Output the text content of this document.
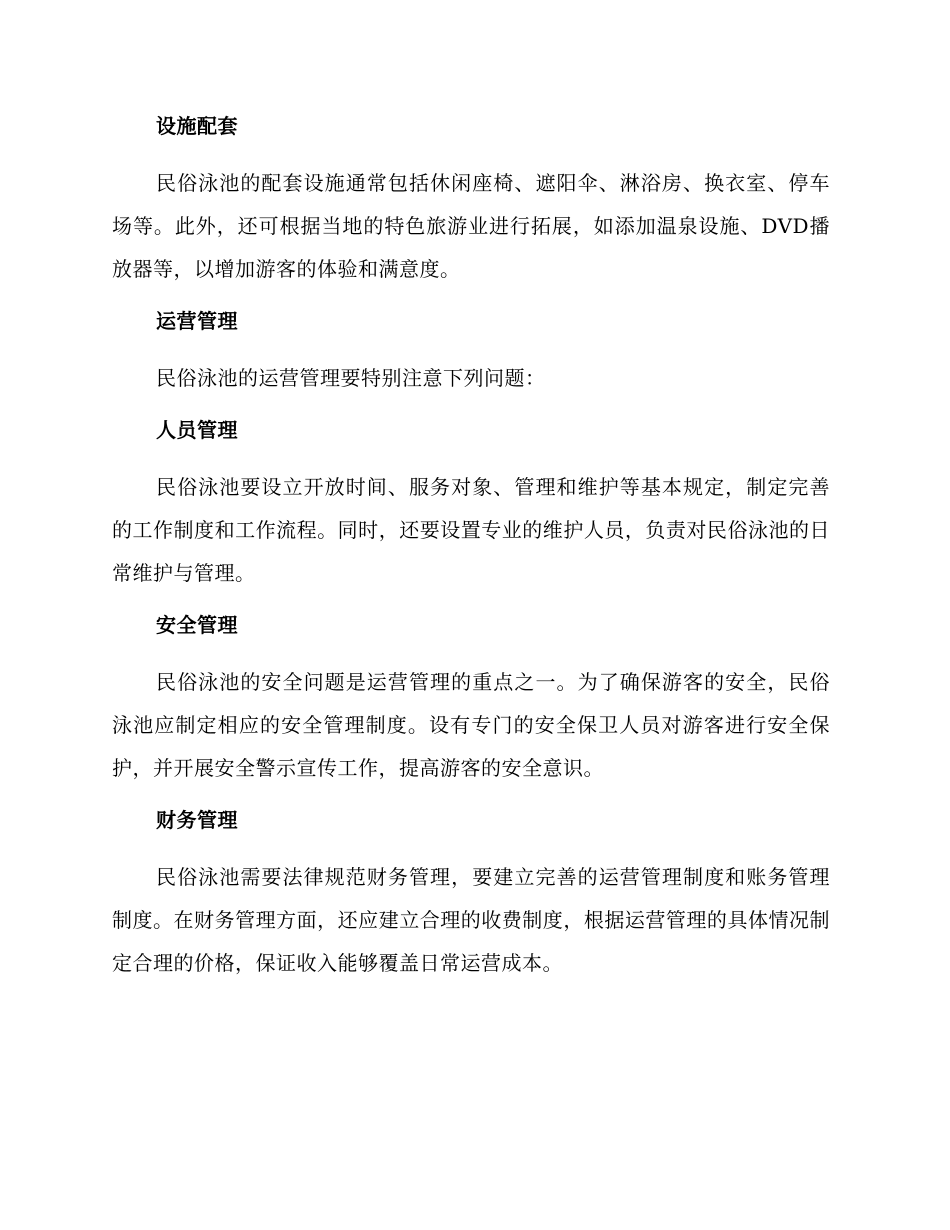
设施配套

民俗泳池的配套设施通常包括休闲座椅、遮阳伞、淋浴房、换衣室、停车场等。此外，还可根据当地的特色旅游业进行拓展，如添加温泉设施、DVD播放器等，以增加游客的体验和满意度。

运营管理

民俗泳池的运营管理要特别注意下列问题：

人员管理

民俗泳池要设立开放时间、服务对象、管理和维护等基本规定，制定完善的工作制度和工作流程。同时，还要设置专业的维护人员，负责对民俗泳池的日常维护与管理。

安全管理

民俗泳池的安全问题是运营管理的重点之一。为了确保游客的安全，民俗泳池应制定相应的安全管理制度。设有专门的安全保卫人员对游客进行安全保护，并开展安全警示宣传工作，提高游客的安全意识。

财务管理

民俗泳池需要法律规范财务管理，要建立完善的运营管理制度和账务管理制度。在财务管理方面，还应建立合理的收费制度，根据运营管理的具体情况制定合理的价格，保证收入能够覆盖日常运营成本。
